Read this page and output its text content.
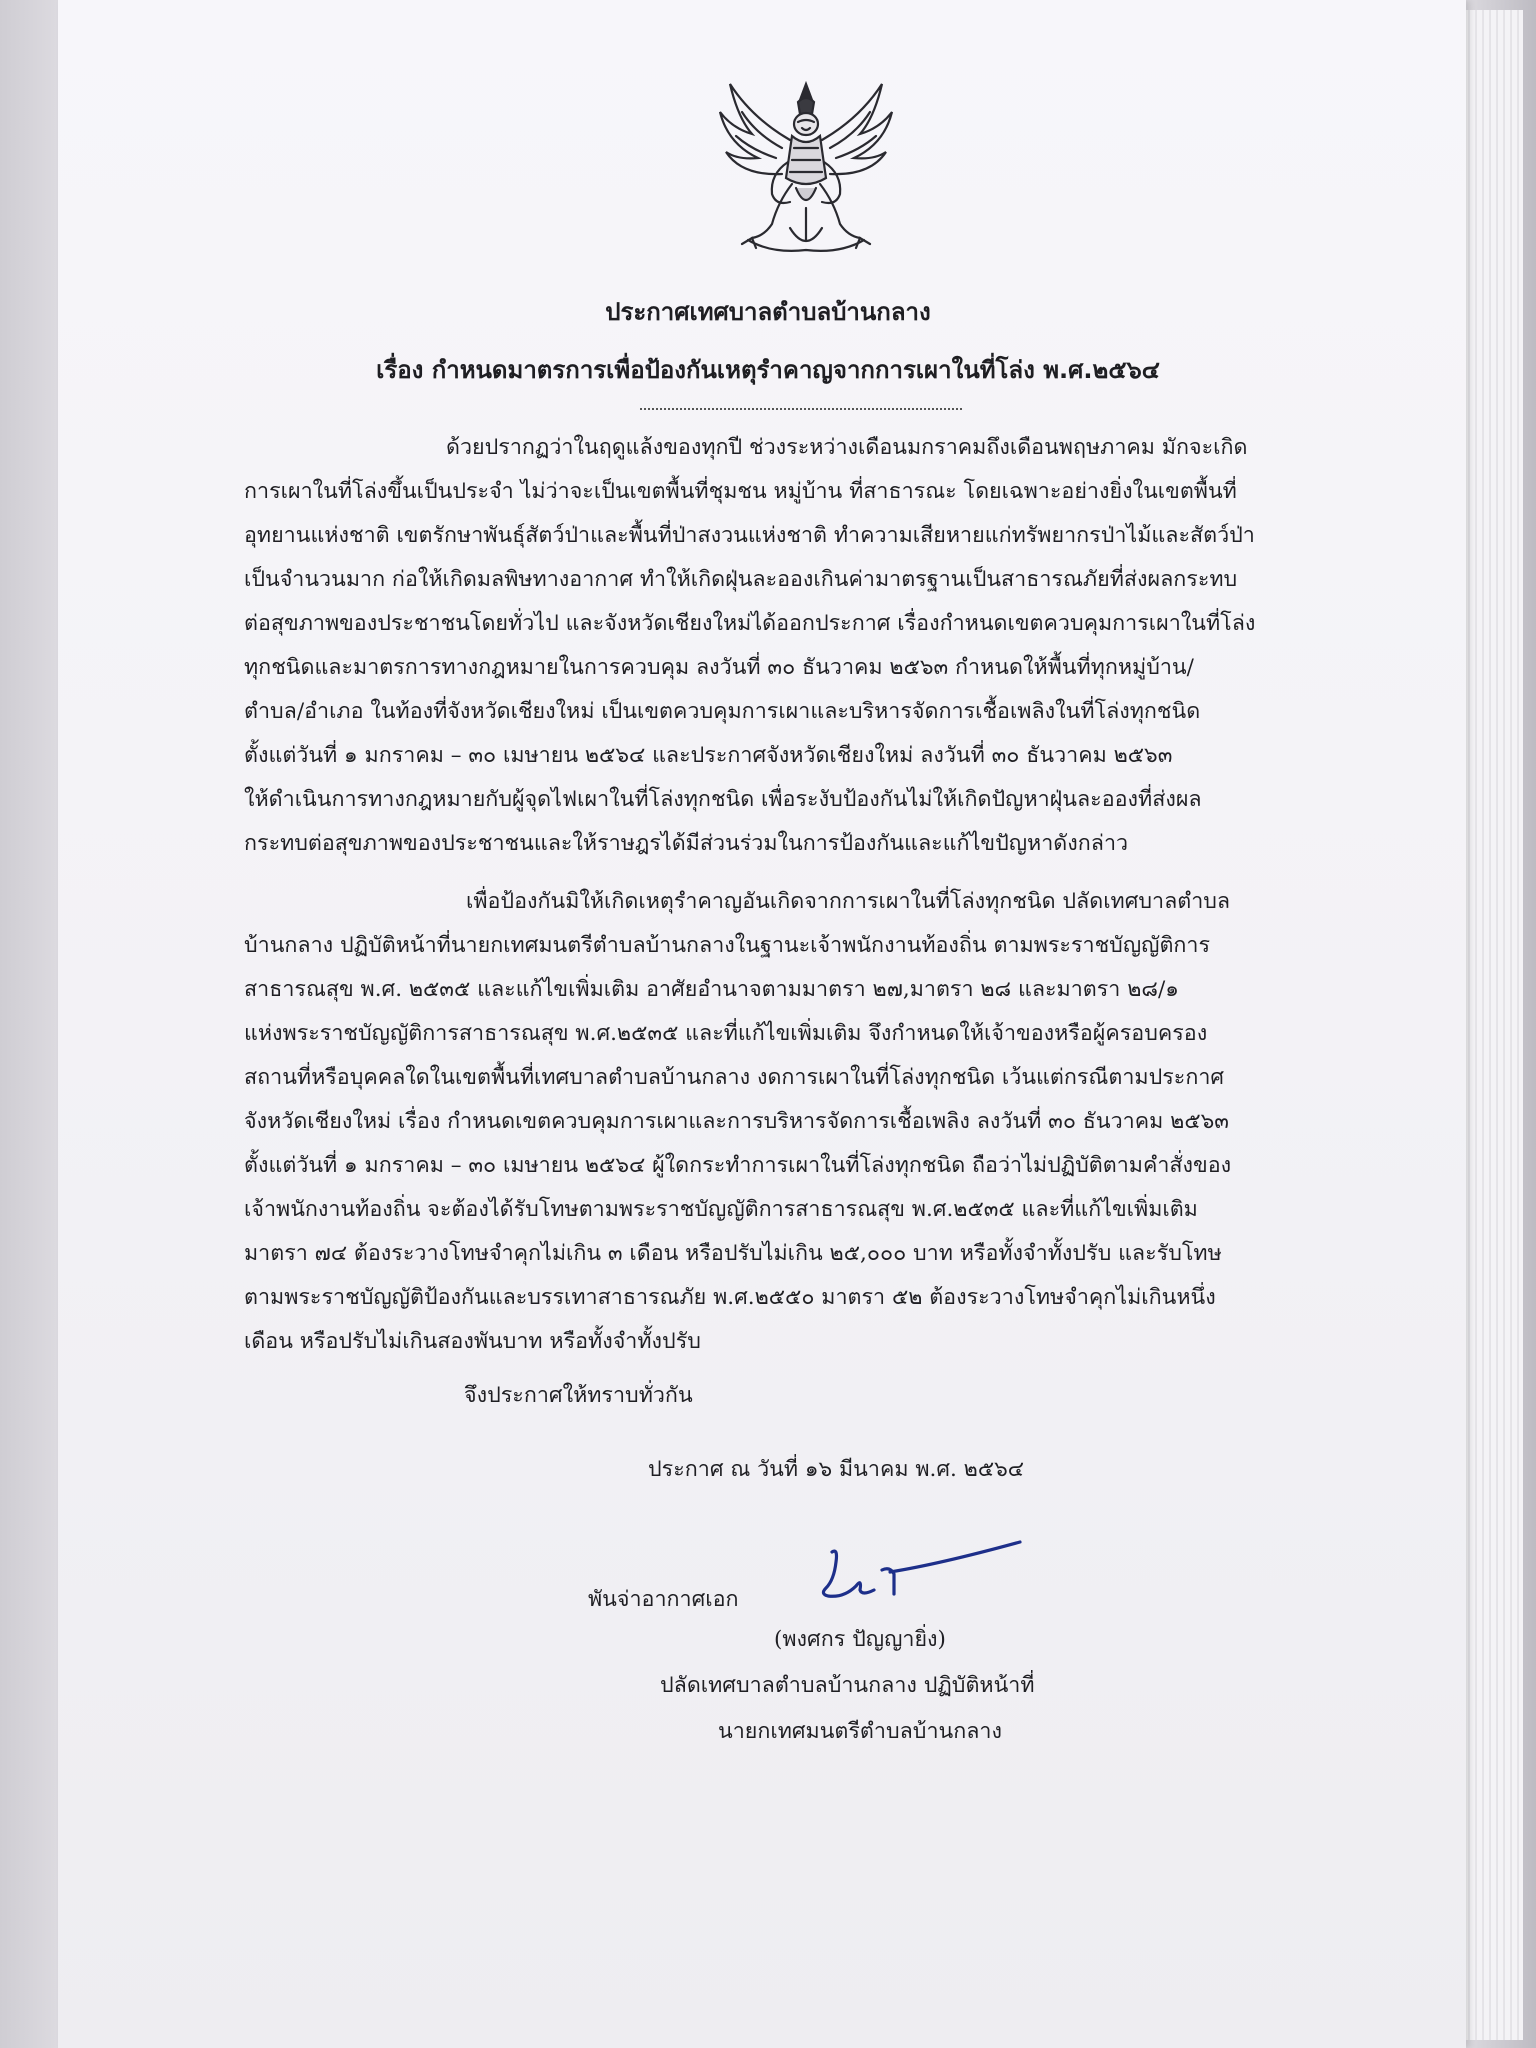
ประกาศเทศบาลตำบลบ้านกลาง
เรื่อง กำหนดมาตรการเพื่อป้องกันเหตุรำคาญจากการเผาในที่โล่ง พ.ศ.๒๕๖๔
ด้วยปรากฏว่าในฤดูแล้งของทุกปี ช่วงระหว่างเดือนมกราคมถึงเดือนพฤษภาคม มักจะเกิด
การเผาในที่โล่งขึ้นเป็นประจำ ไม่ว่าจะเป็นเขตพื้นที่ชุมชน หมู่บ้าน ที่สาธารณะ โดยเฉพาะอย่างยิ่งในเขตพื้นที่
อุทยานแห่งชาติ เขตรักษาพันธุ์สัตว์ป่าและพื้นที่ป่าสงวนแห่งชาติ ทำความเสียหายแก่ทรัพยากรป่าไม้และสัตว์ป่า
เป็นจำนวนมาก ก่อให้เกิดมลพิษทางอากาศ ทำให้เกิดฝุ่นละอองเกินค่ามาตรฐานเป็นสาธารณภัยที่ส่งผลกระทบ
ต่อสุขภาพของประชาชนโดยทั่วไป และจังหวัดเชียงใหม่ได้ออกประกาศ เรื่องกำหนดเขตควบคุมการเผาในที่โล่ง
ทุกชนิดและมาตรการทางกฎหมายในการควบคุม ลงวันที่ ๓๐ ธันวาคม ๒๕๖๓ กำหนดให้พื้นที่ทุกหมู่บ้าน/
ตำบล/อำเภอ ในท้องที่จังหวัดเชียงใหม่ เป็นเขตควบคุมการเผาและบริหารจัดการเชื้อเพลิงในที่โล่งทุกชนิด
ตั้งแต่วันที่ ๑ มกราคม – ๓๐ เมษายน ๒๕๖๔ และประกาศจังหวัดเชียงใหม่ ลงวันที่ ๓๐ ธันวาคม ๒๕๖๓
ให้ดำเนินการทางกฎหมายกับผู้จุดไฟเผาในที่โล่งทุกชนิด เพื่อระงับป้องกันไม่ให้เกิดปัญหาฝุ่นละอองที่ส่งผล
กระทบต่อสุขภาพของประชาชนและให้ราษฎรได้มีส่วนร่วมในการป้องกันและแก้ไขปัญหาดังกล่าว
เพื่อป้องกันมิให้เกิดเหตุรำคาญอันเกิดจากการเผาในที่โล่งทุกชนิด ปลัดเทศบาลตำบล
บ้านกลาง ปฏิบัติหน้าที่นายกเทศมนตรีตำบลบ้านกลางในฐานะเจ้าพนักงานท้องถิ่น ตามพระราชบัญญัติการ
สาธารณสุข พ.ศ. ๒๕๓๕ และแก้ไขเพิ่มเติม อาศัยอำนาจตามมาตรา ๒๗,มาตรา ๒๘ และมาตรา ๒๘/๑
แห่งพระราชบัญญัติการสาธารณสุข พ.ศ.๒๕๓๕ และที่แก้ไขเพิ่มเติม จึงกำหนดให้เจ้าของหรือผู้ครอบครอง
สถานที่หรือบุคคลใดในเขตพื้นที่เทศบาลตำบลบ้านกลาง งดการเผาในที่โล่งทุกชนิด เว้นแต่กรณีตามประกาศ
จังหวัดเชียงใหม่ เรื่อง กำหนดเขตควบคุมการเผาและการบริหารจัดการเชื้อเพลิง ลงวันที่ ๓๐ ธันวาคม ๒๕๖๓
ตั้งแต่วันที่ ๑ มกราคม – ๓๐ เมษายน ๒๕๖๔ ผู้ใดกระทำการเผาในที่โล่งทุกชนิด ถือว่าไม่ปฏิบัติตามคำสั่งของ
เจ้าพนักงานท้องถิ่น จะต้องได้รับโทษตามพระราชบัญญัติการสาธารณสุข พ.ศ.๒๕๓๕ และที่แก้ไขเพิ่มเติม
มาตรา ๗๔ ต้องระวางโทษจำคุกไม่เกิน ๓ เดือน หรือปรับไม่เกิน ๒๕,๐๐๐ บาท หรือทั้งจำทั้งปรับ และรับโทษ
ตามพระราชบัญญัติป้องกันและบรรเทาสาธารณภัย พ.ศ.๒๕๕๐ มาตรา ๕๒ ต้องระวางโทษจำคุกไม่เกินหนึ่ง
เดือน หรือปรับไม่เกินสองพันบาท หรือทั้งจำทั้งปรับ
จึงประกาศให้ทราบทั่วกัน
ประกาศ ณ วันที่ ๑๖ มีนาคม พ.ศ. ๒๕๖๔
พันจ่าอากาศเอก
(พงศกร ปัญญายิ่ง)
ปลัดเทศบาลตำบลบ้านกลาง ปฏิบัติหน้าที่
นายกเทศมนตรีตำบลบ้านกลาง
